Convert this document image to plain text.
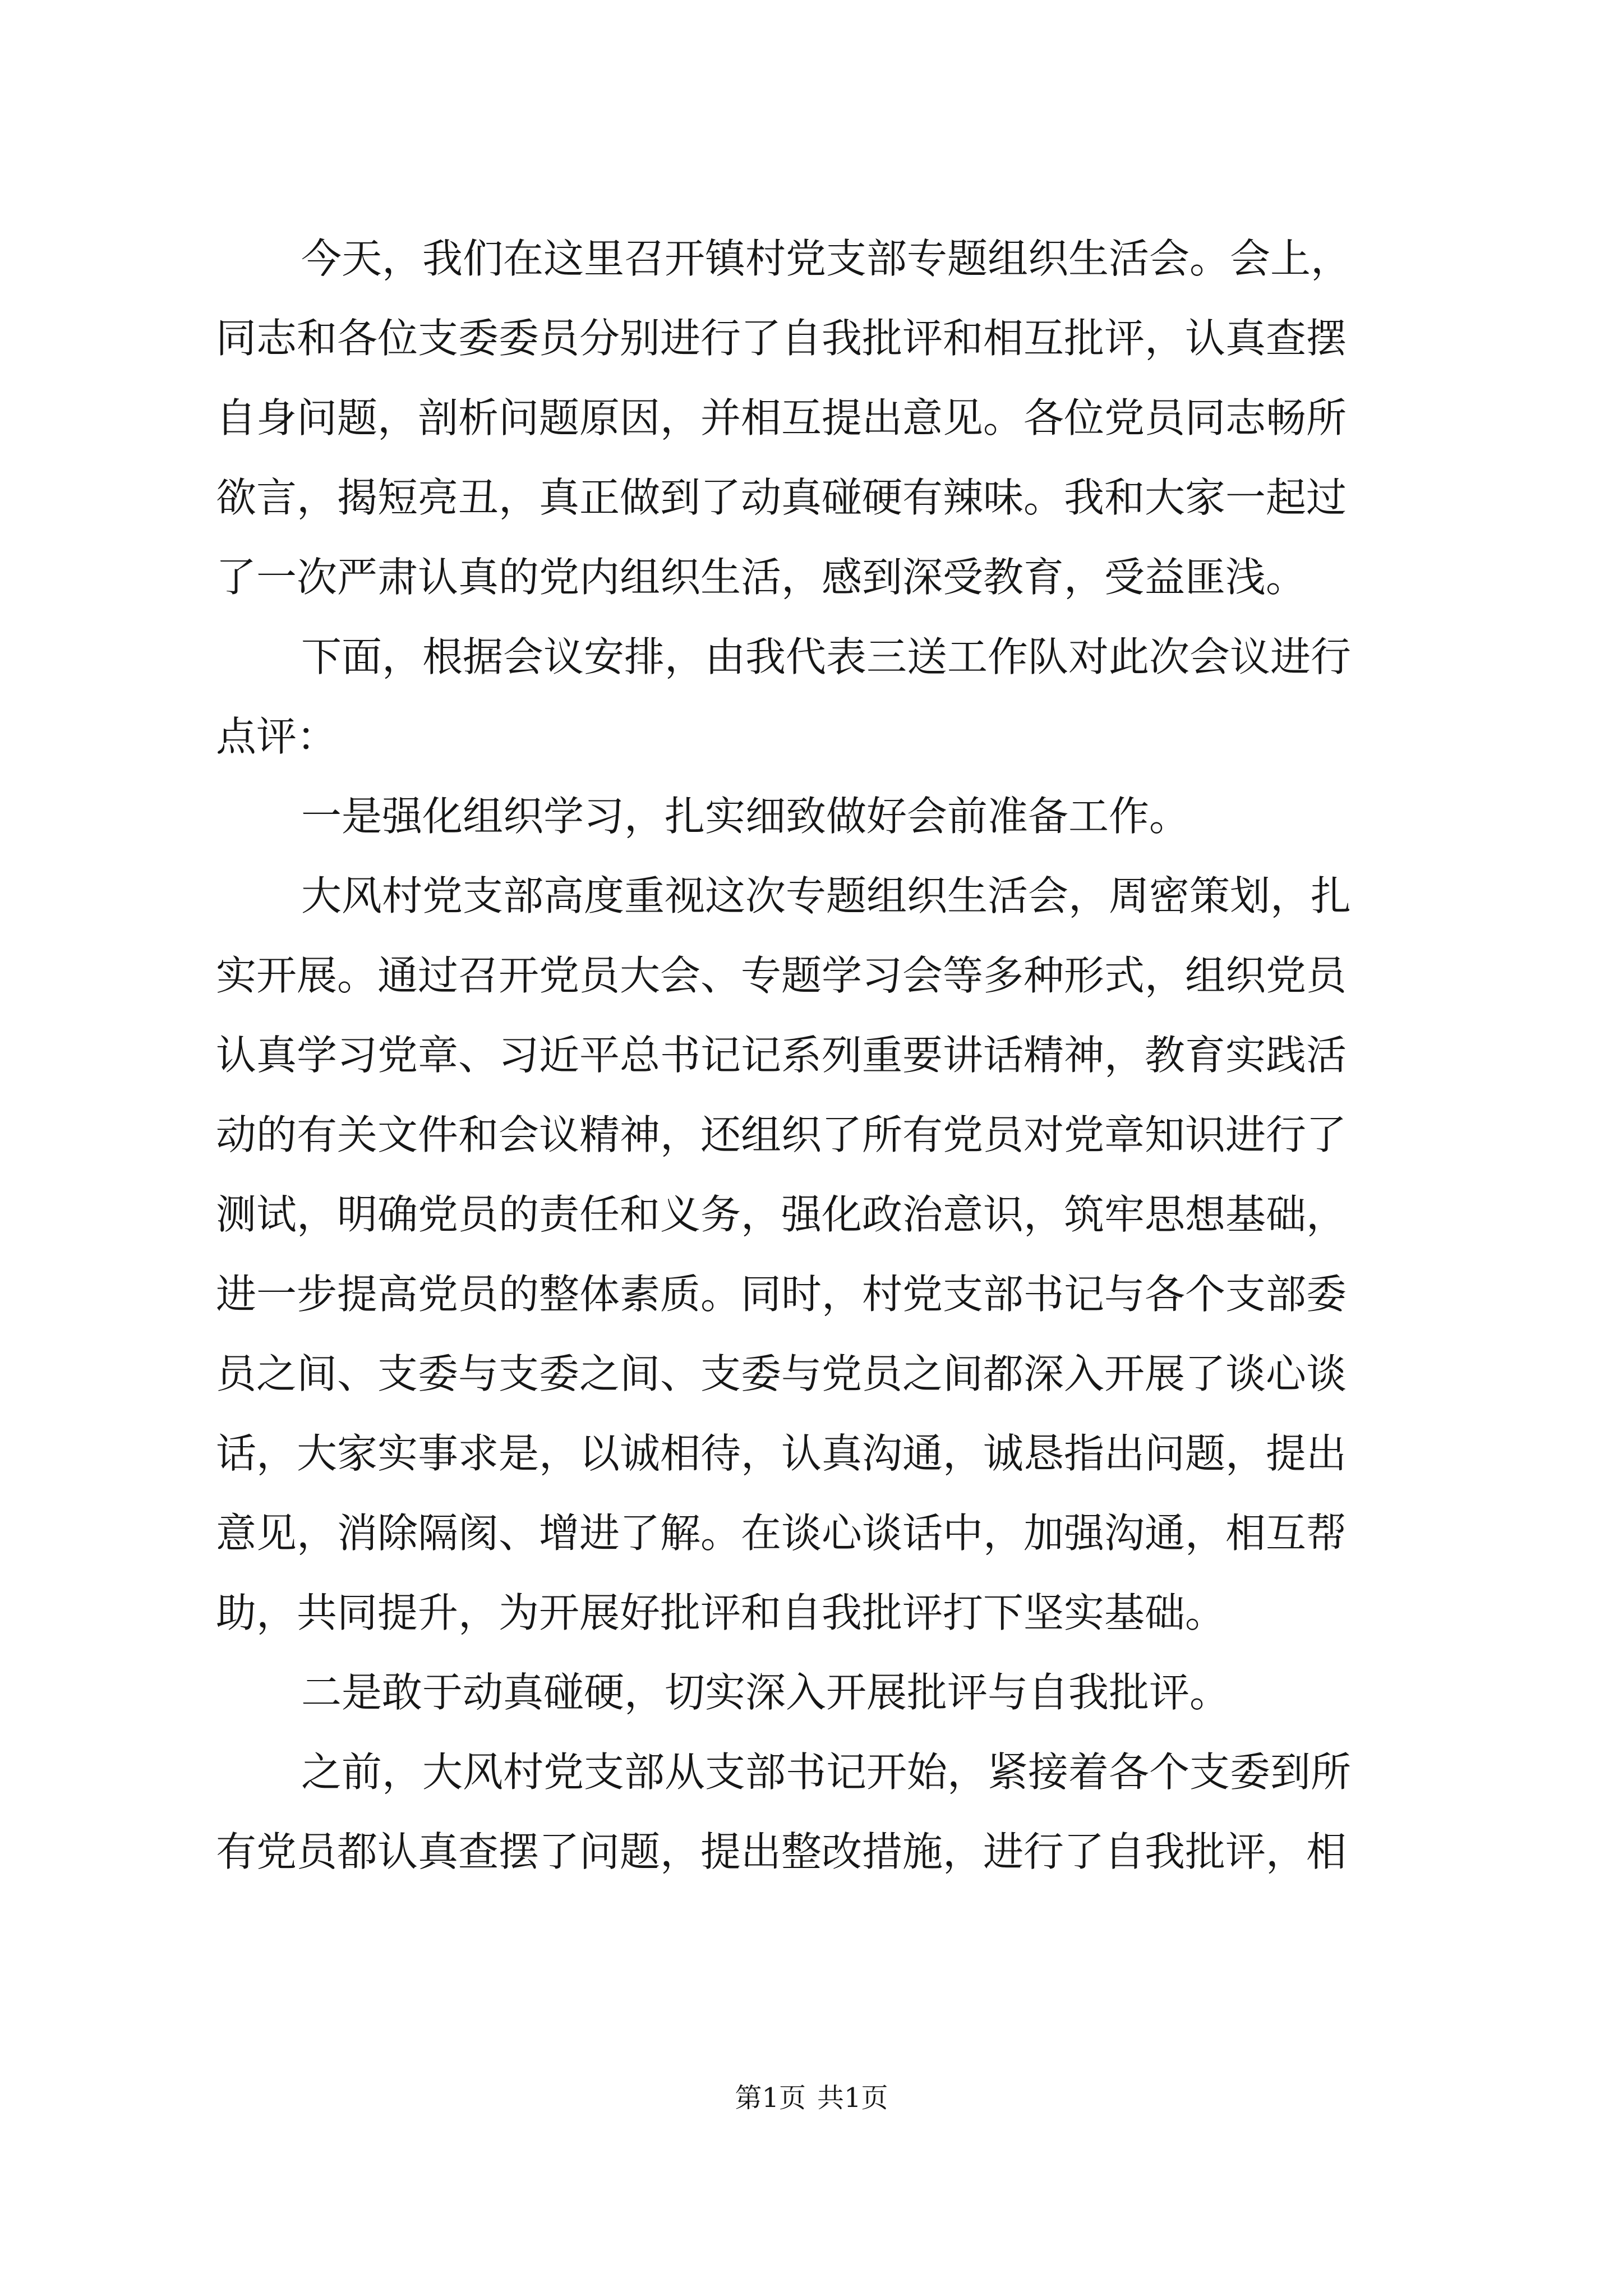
今天，我们在这里召开镇村党支部专题组织生活会。会上，

同志和各位支委委员分别进行了自我批评和相互批评，认真查摆

自身问题，剖析问题原因，并相互提出意见。各位党员同志畅所

欲言，揭短亮丑，真正做到了动真碰硬有辣味。我和大家一起过

了一次严肃认真的党内组织生活，感到深受教育，受益匪浅。

下面，根据会议安排，由我代表三送工作队对此次会议进行

点评：

一是强化组织学习，扎实细致做好会前准备工作。

大风村党支部高度重视这次专题组织生活会，周密策划，扎

实开展。通过召开党员大会、专题学习会等多种形式，组织党员

认真学习党章、习近平总书记记系列重要讲话精神，教育实践活

动的有关文件和会议精神，还组织了所有党员对党章知识进行了

测试，明确党员的责任和义务，强化政治意识，筑牢思想基础，

进一步提高党员的整体素质。同时，村党支部书记与各个支部委

员之间、支委与支委之间、支委与党员之间都深入开展了谈心谈

话，大家实事求是，以诚相待，认真沟通，诚恳指出问题，提出

意见，消除隔阂、增进了解。在谈心谈话中，加强沟通，相互帮

助，共同提升，为开展好批评和自我批评打下坚实基础。

二是敢于动真碰硬，切实深入开展批评与自我批评。

之前，大风村党支部从支部书记开始，紧接着各个支委到所

有党员都认真查摆了问题，提出整改措施，进行了自我批评，相

第1页 共1页
